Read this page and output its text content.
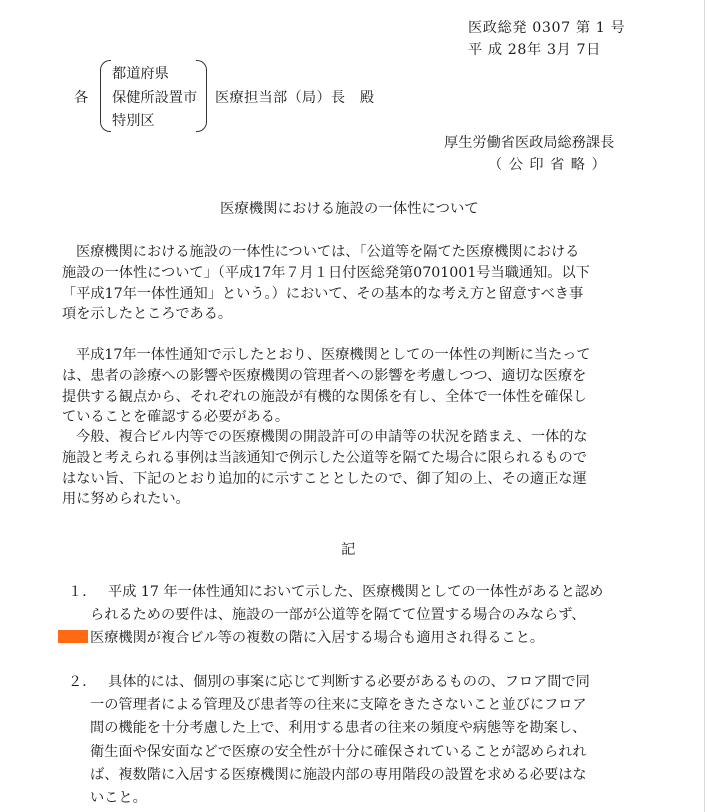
医政総発 0307 第 1 号
平 成 28年 3月 7日
各
都道府県
保健所設置市
特別区
医療担当部（局）長　殿
厚生労働省医政局総務課長
（ 公 印 省 略 ）
医療機関における施設の一体性について
医療機関における施設の一体性については、「公道等を隔てた医療機関における
施設の一体性について」（平成17年７月１日付医総発第0701001号当職通知。以下
「平成17年一体性通知」という。）において、その基本的な考え方と留意すべき事
項を示したところである。
平成17年一体性通知で示したとおり、医療機関としての一体性の判断に当たって
は、患者の診療への影響や医療機関の管理者への影響を考慮しつつ、適切な医療を
提供する観点から、それぞれの施設が有機的な関係を有し、全体で一体性を確保し
ていることを確認する必要がある。
今般、複合ビル内等での医療機関の開設許可の申請等の状況を踏まえ、一体的な
施設と考えられる事例は当該通知で例示した公道等を隔てた場合に限られるもので
はない旨、下記のとおり追加的に示すこととしたので、御了知の上、その適正な運
用に努められたい。
記
１． 平成 17 年一体性通知において示した、医療機関としての一体性があると認め
られるための要件は、施設の一部が公道等を隔てて位置する場合のみならず、
医療機関が複合ビル等の複数の階に入居する場合も適用され得ること。
２． 具体的には、個別の事案に応じて判断する必要があるものの、フロア間で同
一の管理者による管理及び患者等の往来に支障をきたさないこと並びにフロア
間の機能を十分考慮した上で、利用する患者の往来の頻度や病態等を勘案し、
衛生面や保安面などで医療の安全性が十分に確保されていることが認められれ
ば、複数階に入居する医療機関に施設内部の専用階段の設置を求める必要はな
いこと。
